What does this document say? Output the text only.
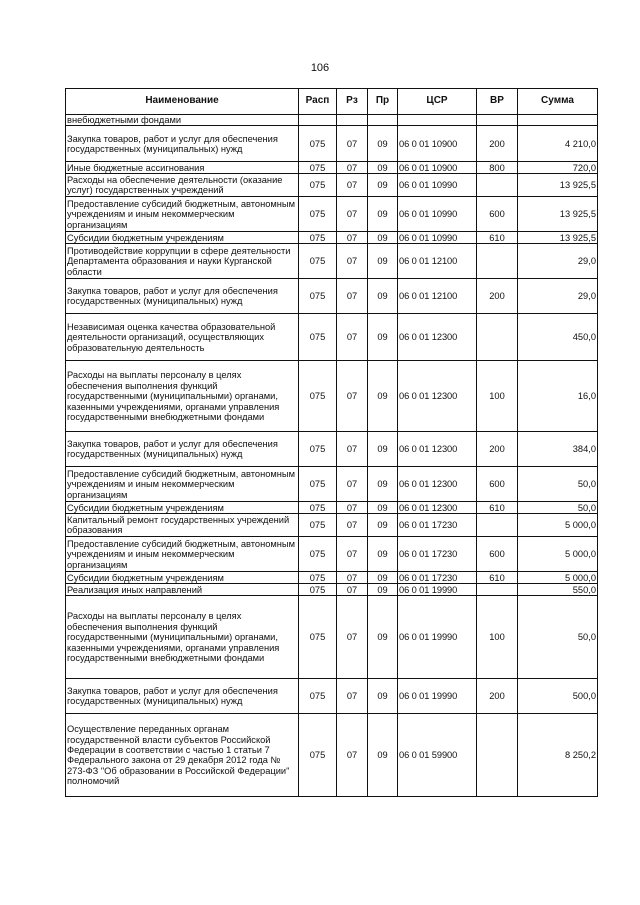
106
Наименование	Расп	Рз	Пр	ЦСР	ВР	Сумма
внебюджетными фондами						
Закупка товаров, работ и услуг для обеспечения государственных (муниципальных) нужд	075	07	09	06 0 01 10900	200	4 210,0
Иные бюджетные ассигнования	075	07	09	06 0 01 10900	800	720,0
Расходы на обеспечение деятельности (оказание услуг) государственных учреждений	075	07	09	06 0 01 10990		13 925,5
Предоставление субсидий бюджетным, автономным учреждениям и иным некоммерческим организациям	075	07	09	06 0 01 10990	600	13 925,5
Субсидии бюджетным учреждениям	075	07	09	06 0 01 10990	610	13 925,5
Противодействие коррупции в сфере деятельности Департамента образования и науки Курганской области	075	07	09	06 0 01 12100		29,0
Закупка товаров, работ и услуг для обеспечения государственных (муниципальных) нужд	075	07	09	06 0 01 12100	200	29,0
Независимая оценка качества образовательной деятельности организаций, осуществляющих образовательную деятельность	075	07	09	06 0 01 12300		450,0
Расходы на выплаты персоналу в целях обеспечения выполнения функций государственными (муниципальными) органами, казенными учреждениями, органами управления государственными внебюджетными фондами	075	07	09	06 0 01 12300	100	16,0
Закупка товаров, работ и услуг для обеспечения государственных (муниципальных) нужд	075	07	09	06 0 01 12300	200	384,0
Предоставление субсидий бюджетным, автономным учреждениям и иным некоммерческим организациям	075	07	09	06 0 01 12300	600	50,0
Субсидии бюджетным учреждениям	075	07	09	06 0 01 12300	610	50,0
Капитальный ремонт государственных учреждений образования	075	07	09	06 0 01 17230		5 000,0
Предоставление субсидий бюджетным, автономным учреждениям и иным некоммерческим организациям	075	07	09	06 0 01 17230	600	5 000,0
Субсидии бюджетным учреждениям	075	07	09	06 0 01 17230	610	5 000,0
Реализация иных направлений	075	07	09	06 0 01 19990		550,0
Расходы на выплаты персоналу в целях обеспечения выполнения функций государственными (муниципальными) органами, казенными учреждениями, органами управления государственными внебюджетными фондами	075	07	09	06 0 01 19990	100	50,0
Закупка товаров, работ и услуг для обеспечения государственных (муниципальных) нужд	075	07	09	06 0 01 19990	200	500,0
Осуществление переданных органам государственной власти субъектов Российской Федерации в соответствии с частью 1 статьи 7 Федерального закона от 29 декабря 2012 года № 273-ФЗ "Об образовании в Российской Федерации" полномочий	075	07	09	06 0 01 59900		8 250,2
